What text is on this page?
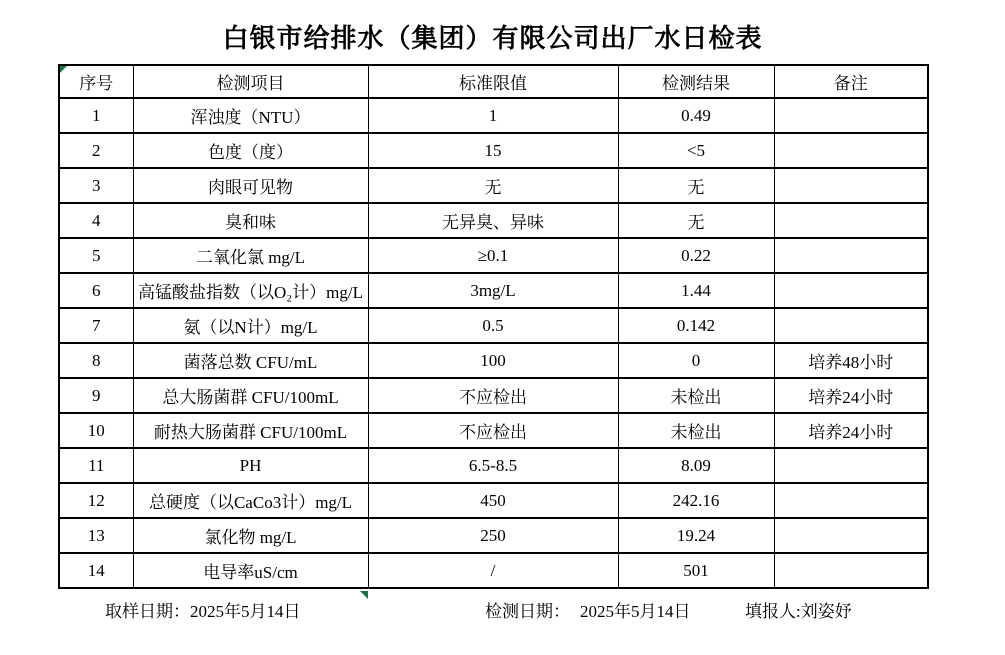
白银市给排水（集团）有限公司出厂水日检表
序号	检测项目	标准限值	检测结果	备注
1	浑浊度（NTU）	1	0.49	
2	色度（度）	15	<5	
3	肉眼可见物	无	无	
4	臭和味	无异臭、异味	无	
5	二氧化氯 mg/L	≥0.1	0.22	
6	高锰酸盐指数（以O₂计）mg/L	3mg/L	1.44	
7	氨（以N计）mg/L	0.5	0.142	
8	菌落总数 CFU/mL	100	0	培养48小时
9	总大肠菌群 CFU/100mL	不应检出	未检出	培养24小时
10	耐热大肠菌群 CFU/100mL	不应检出	未检出	培养24小时
11	PH	6.5-8.5	8.09	
12	总硬度（以CaCo3计）mg/L	450	242.16	
13	氯化物 mg/L	250	19.24	
14	电导率uS/cm	/	501	
取样日期：2025年5月14日	检测日期： 2025年5月14日	填报人:刘姿妤
